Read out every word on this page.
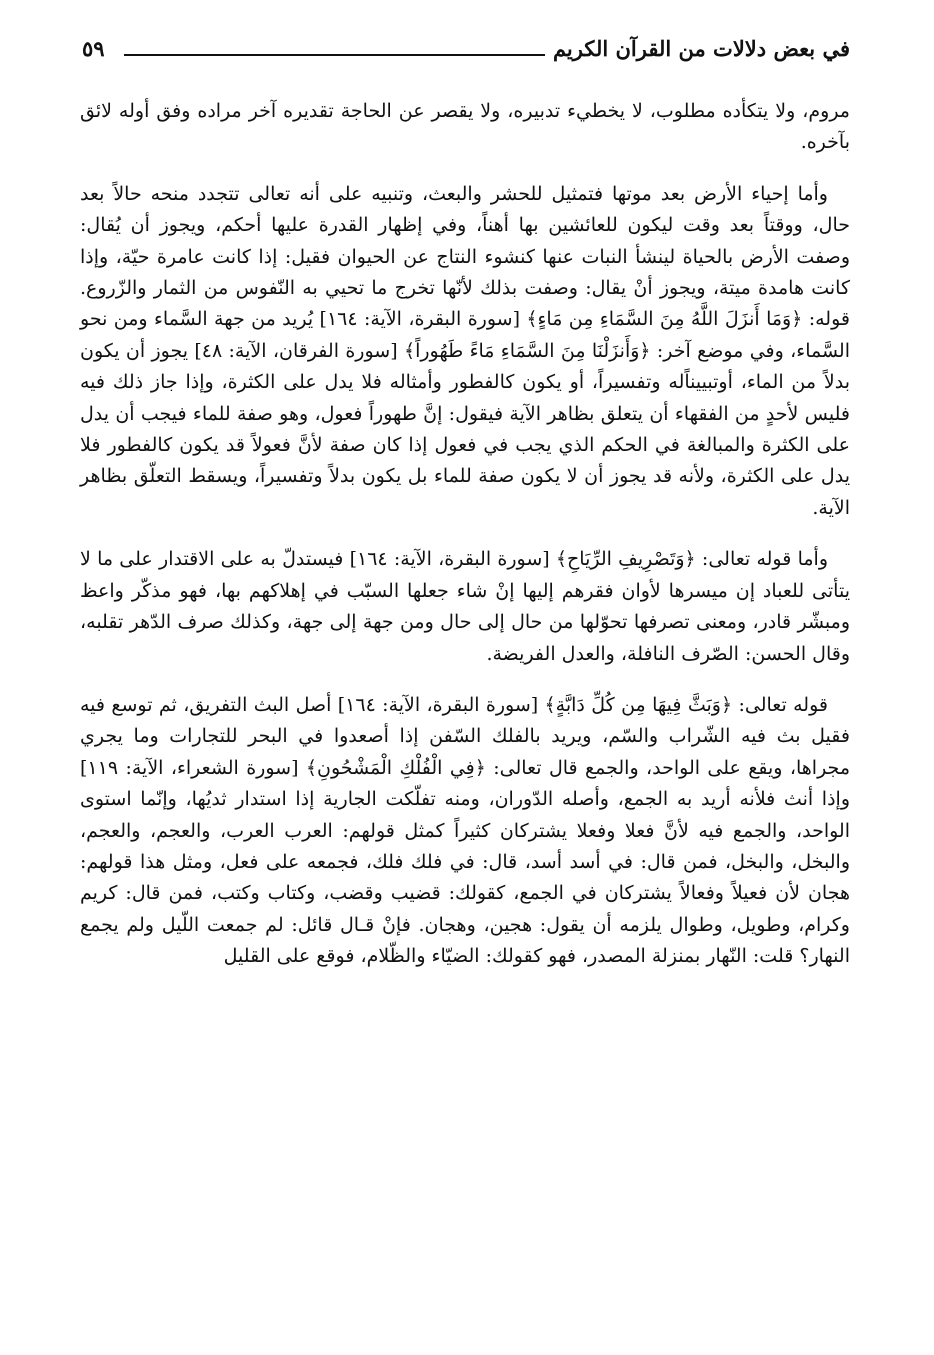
في بعض دلالات من القرآن الكريم
٥٩

مروم، ولا يتكأده مطلوب، لا يخطيء تدبيره، ولا يقصر عن الحاجة تقديره آخر مراده وفق أوله لائق بآخره.

وأما إحياء الأرض بعد موتها فتمثيل للحشر والبعث، وتنبيه على أنه تعالى تتجدد منحه حالاً بعد حال، ووقتاً بعد وقت ليكون للعائشين بها أهناً، وفي إظهار القدرة عليها أحكم، ويجوز أن يُقال: وصفت الأرض بالحياة لينشأ النبات عنها كنشوء النتاج عن الحيوان فقيل: إذا كانت عامرة حيّة، وإذا كانت هامدة ميتة، ويجوز أنْ يقال: وصفت بذلك لأنّها تخرج ما تحيي به النّفوس من الثمار والزّروع. قوله: ﴿وَمَا أَنزَلَ اللَّهُ مِنَ السَّمَاءِ مِن مَاءٍ﴾ [سورة البقرة، الآية: ١٦٤] يُريد من جهة السَّماء ومن نحو السَّماء، وفي موضع آخر: ﴿وَأَنزَلْنَا مِنَ السَّمَاءِ مَاءً طَهُوراً﴾ [سورة الفرقان، الآية: ٤٨] يجوز أن يكون بدلاً من الماء، أوتبييناًله وتفسيراً، أو يكون كالفطور وأمثاله فلا يدل على الكثرة، وإذا جاز ذلك فيه فليس لأحدٍ من الفقهاء أن يتعلق بظاهر الآية فيقول: إنَّ طهوراً فعول، وهو صفة للماء فيجب أن يدل على الكثرة والمبالغة في الحكم الذي يجب في فعول إذا كان صفة لأنَّ فعولاً قد يكون كالفطور فلا يدل على الكثرة، ولأنه قد يجوز أن لا يكون صفة للماء بل يكون بدلاً وتفسيراً، ويسقط التعلّق بظاهر الآية.

وأما قوله تعالى: ﴿وَتَصْرِيفِ الرِّيَاحِ﴾ [سورة البقرة، الآية: ١٦٤] فيستدلّ به على الاقتدار على ما لا يتأتى للعباد إن ميسرها لأوان فقرهم إليها إنْ شاء جعلها السبّب في إهلاكهم بها، فهو مذكّر واعظ ومبشّر قادر، ومعنى تصرفها تحوّلها من حال إلى حال ومن جهة إلى جهة، وكذلك صرف الدّهر تقلبه، وقال الحسن: الصّرف النافلة، والعدل الفريضة.

قوله تعالى: ﴿وَبَثَّ فِيهَا مِن كُلِّ دَابَّةٍ﴾ [سورة البقرة، الآية: ١٦٤] أصل البث التفريق، ثم توسع فيه فقيل بث فيه الشّراب والسّم، ويريد بالفلك السّفن إذا أصعدوا في البحر للتجارات وما يجري مجراها، ويقع على الواحد، والجمع قال تعالى: ﴿فِي الْفُلْكِ الْمَشْحُونِ﴾ [سورة الشعراء، الآية: ١١٩] وإذا أنث فلأنه أريد به الجمع، وأصله الدّوران، ومنه تفلّكت الجارية إذا استدار ثديُها، وإنّما استوى الواحد، والجمع فيه لأنَّ فعلا وفعلا يشتركان كثيراً كمثل قولهم: العرب العرب، والعجم، والعجم، والبخل، والبخل، فمن قال: في أسد أسد، قال: في فلك فلك، فجمعه على فعل، ومثل هذا قولهم: هجان لأن فعيلاً وفعالاً يشتركان في الجمع، كقولك: قضيب وقضب، وكتاب وكتب، فمن قال: كريم وكرام، وطويل، وطوال يلزمه أن يقول: هجين، وهجان. فإنْ قـال قائل: لم جمعت اللّيل ولم يجمع النهار؟ قلت: النّهار بمنزلة المصدر، فهو كقولك: الضيّاء والظّلام، فوقع على القليل
